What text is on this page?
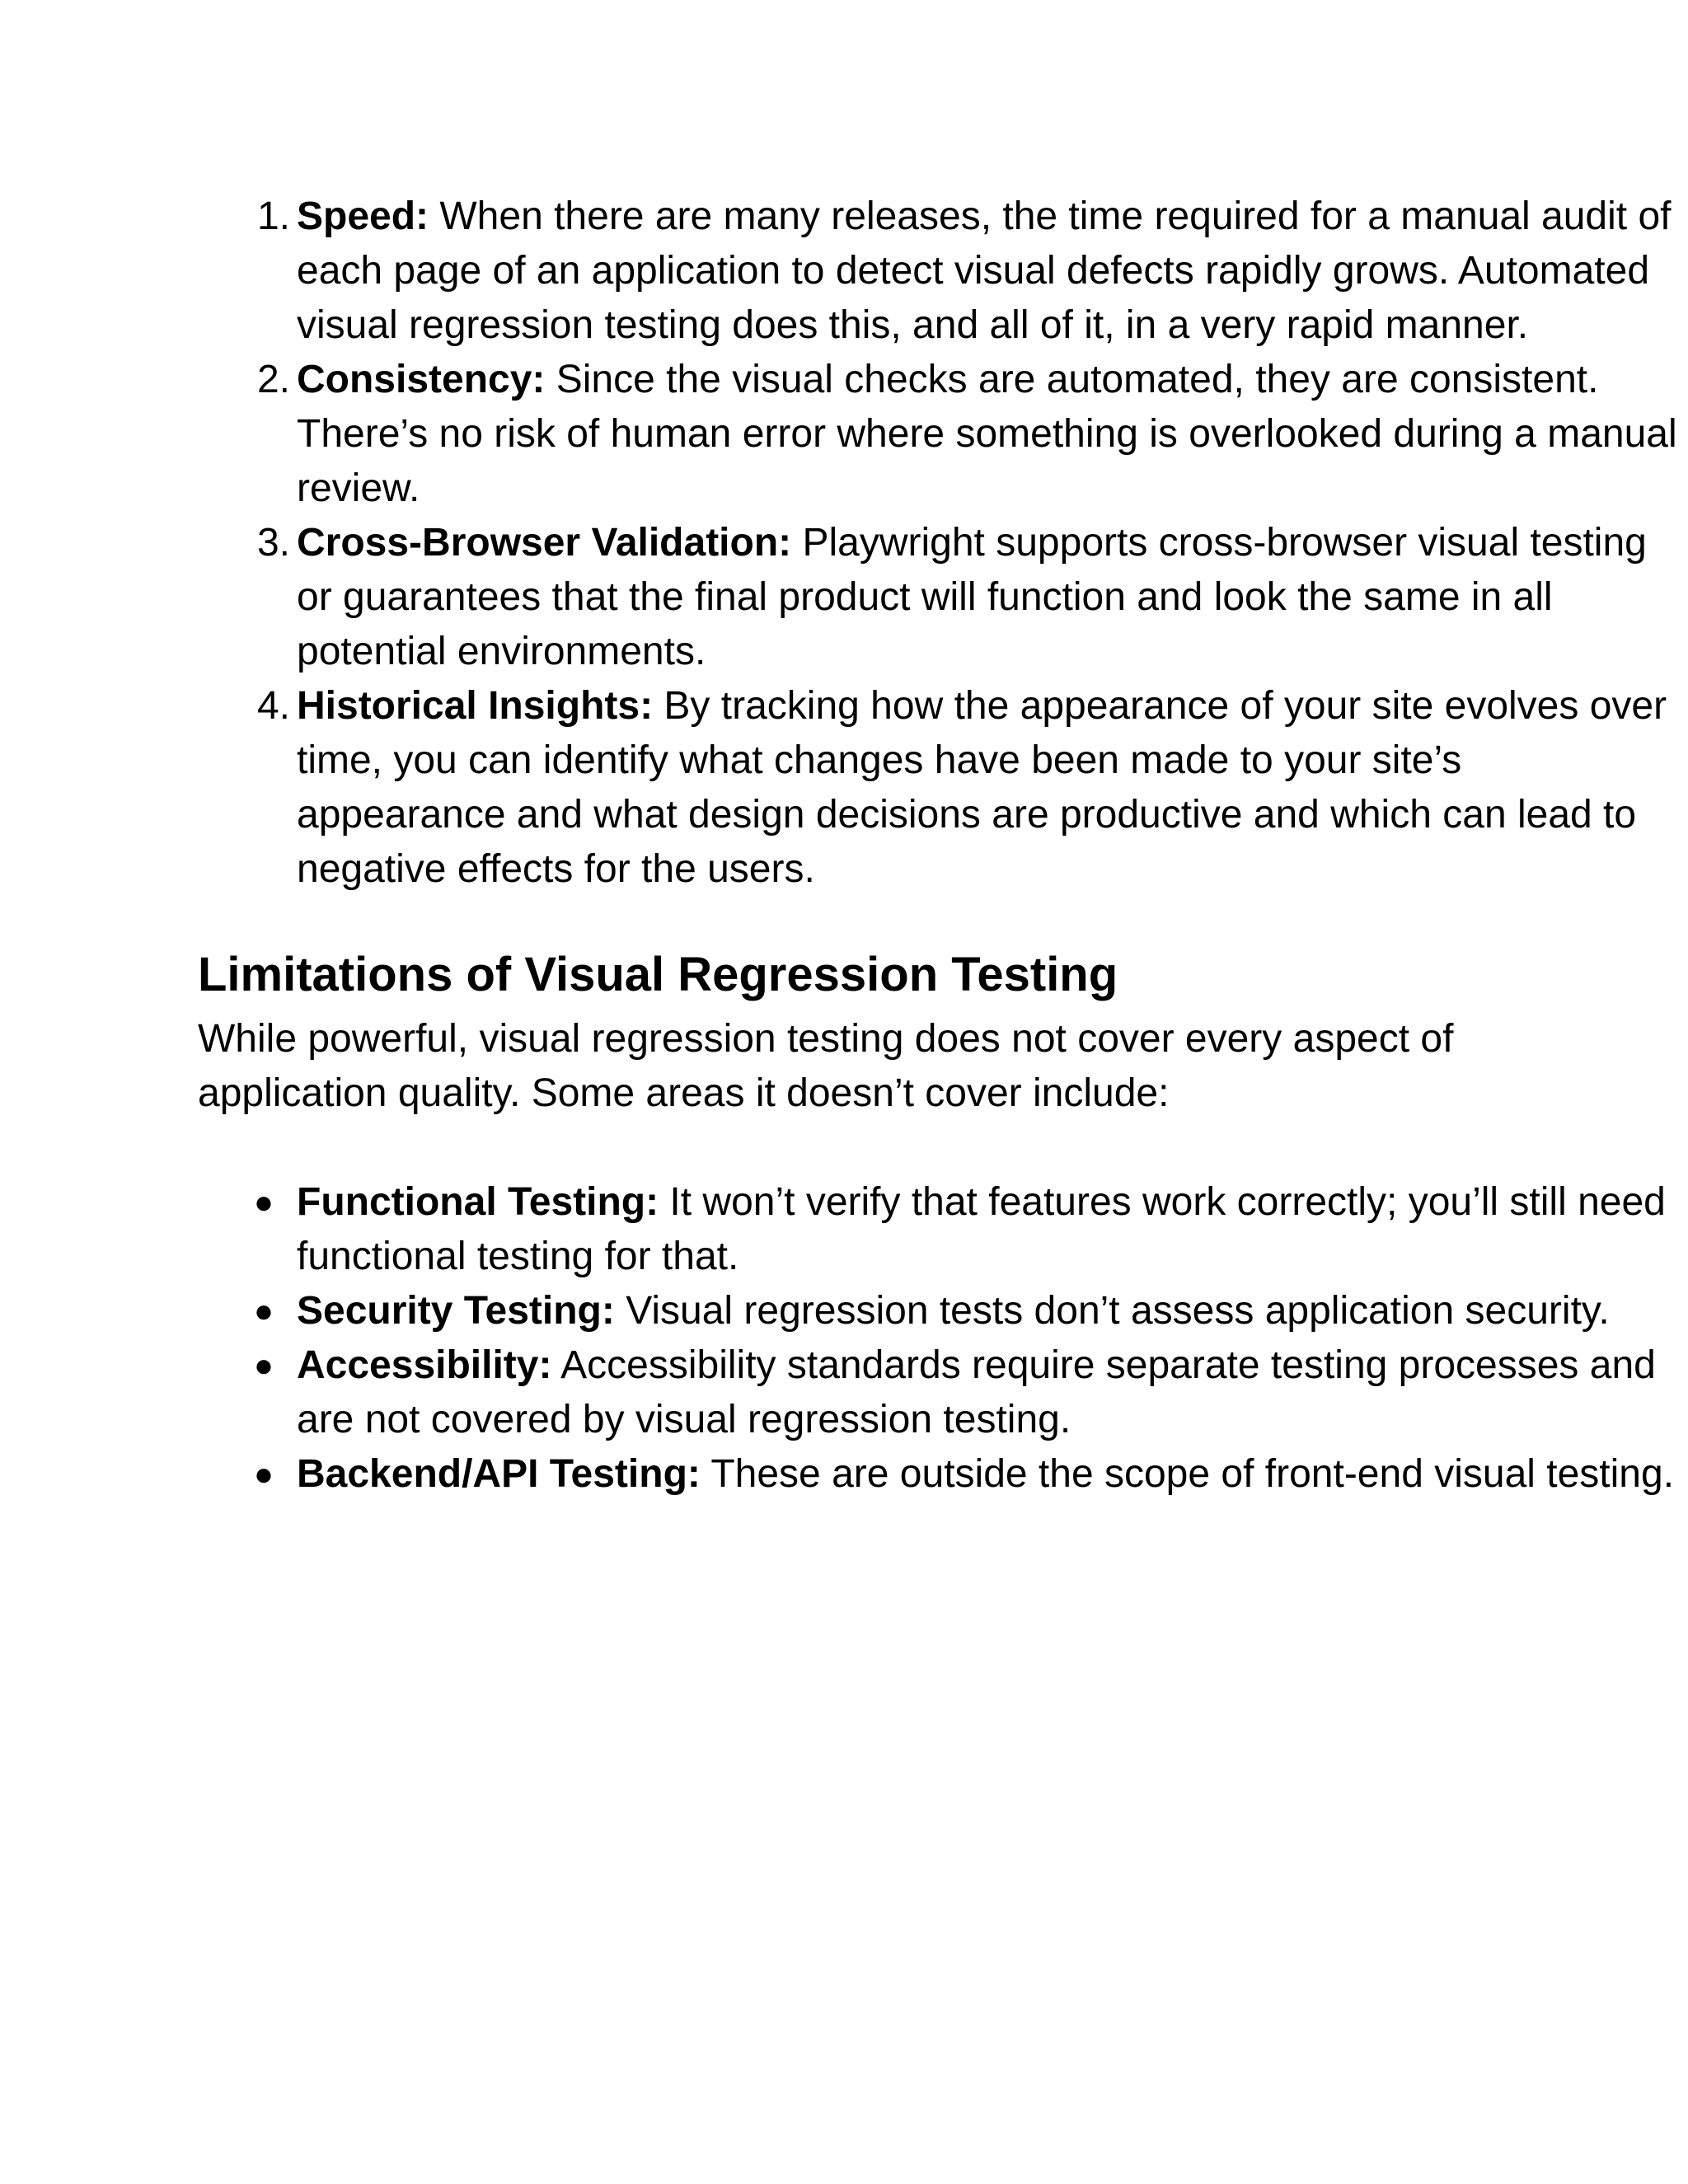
1. Speed: When there are many releases, the time required for a manual audit of each page of an application to detect visual defects rapidly grows. Automated visual regression testing does this, and all of it, in a very rapid manner.
2. Consistency: Since the visual checks are automated, they are consistent. There’s no risk of human error where something is overlooked during a manual review.
3. Cross-Browser Validation: Playwright supports cross-browser visual testing or guarantees that the final product will function and look the same in all potential environments.
4. Historical Insights: By tracking how the appearance of your site evolves over time, you can identify what changes have been made to your site’s appearance and what design decisions are productive and which can lead to negative effects for the users.
Limitations of Visual Regression Testing

While powerful, visual regression testing does not cover every aspect of application quality. Some areas it doesn’t cover include:

● Functional Testing: It won’t verify that features work correctly; you’ll still need functional testing for that.
● Security Testing: Visual regression tests don’t assess application security.
● Accessibility: Accessibility standards require separate testing processes and are not covered by visual regression testing.
● Backend/API Testing: These are outside the scope of front-end visual testing.
